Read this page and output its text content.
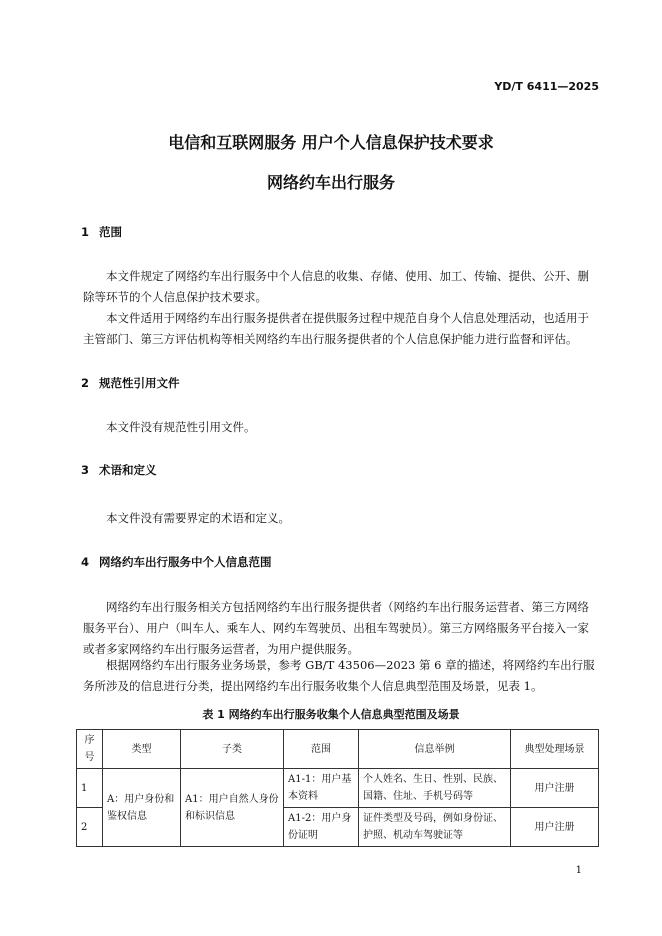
YD/T 6411—2025
电信和互联网服务 用户个人信息保护技术要求
网络约车出行服务
1 范围
本文件规定了网络约车出行服务中个人信息的收集、存储、使用、加工、传输、提供、公开、删除等环节的个人信息保护技术要求。
本文件适用于网络约车出行服务提供者在提供服务过程中规范自身个人信息处理活动，也适用于主管部门、第三方评估机构等相关网络约车出行服务提供者的个人信息保护能力进行监督和评估。
2 规范性引用文件
本文件没有规范性引用文件。
3 术语和定义
本文件没有需要界定的术语和定义。
4 网络约车出行服务中个人信息范围
网络约车出行服务相关方包括网络约车出行服务提供者（网络约车出行服务运营者、第三方网络服务平台）、用户（叫车人、乘车人、网约车驾驶员、出租车驾驶员）。第三方网络服务平台接入一家或者多家网络约车出行服务运营者，为用户提供服务。
根据网络约车出行服务业务场景，参考 GB/T 43506—2023 第 6 章的描述，将网络约车出行服务所涉及的信息进行分类，提出网络约车出行服务收集个人信息典型范围及场景，见表 1。
表 1 网络约车出行服务收集个人信息典型范围及场景
序号	类型	子类	范围	信息举例	典型处理场景
1	A：用户身份和鉴权信息	A1：用户自然人身份和标识信息	A1-1：用户基本资料	个人姓名、生日、性别、民族、国籍、住址、手机号码等	用户注册
2			A1-2：用户身份证明	证件类型及号码，例如身份证、护照、机动车驾驶证等	用户注册
1
